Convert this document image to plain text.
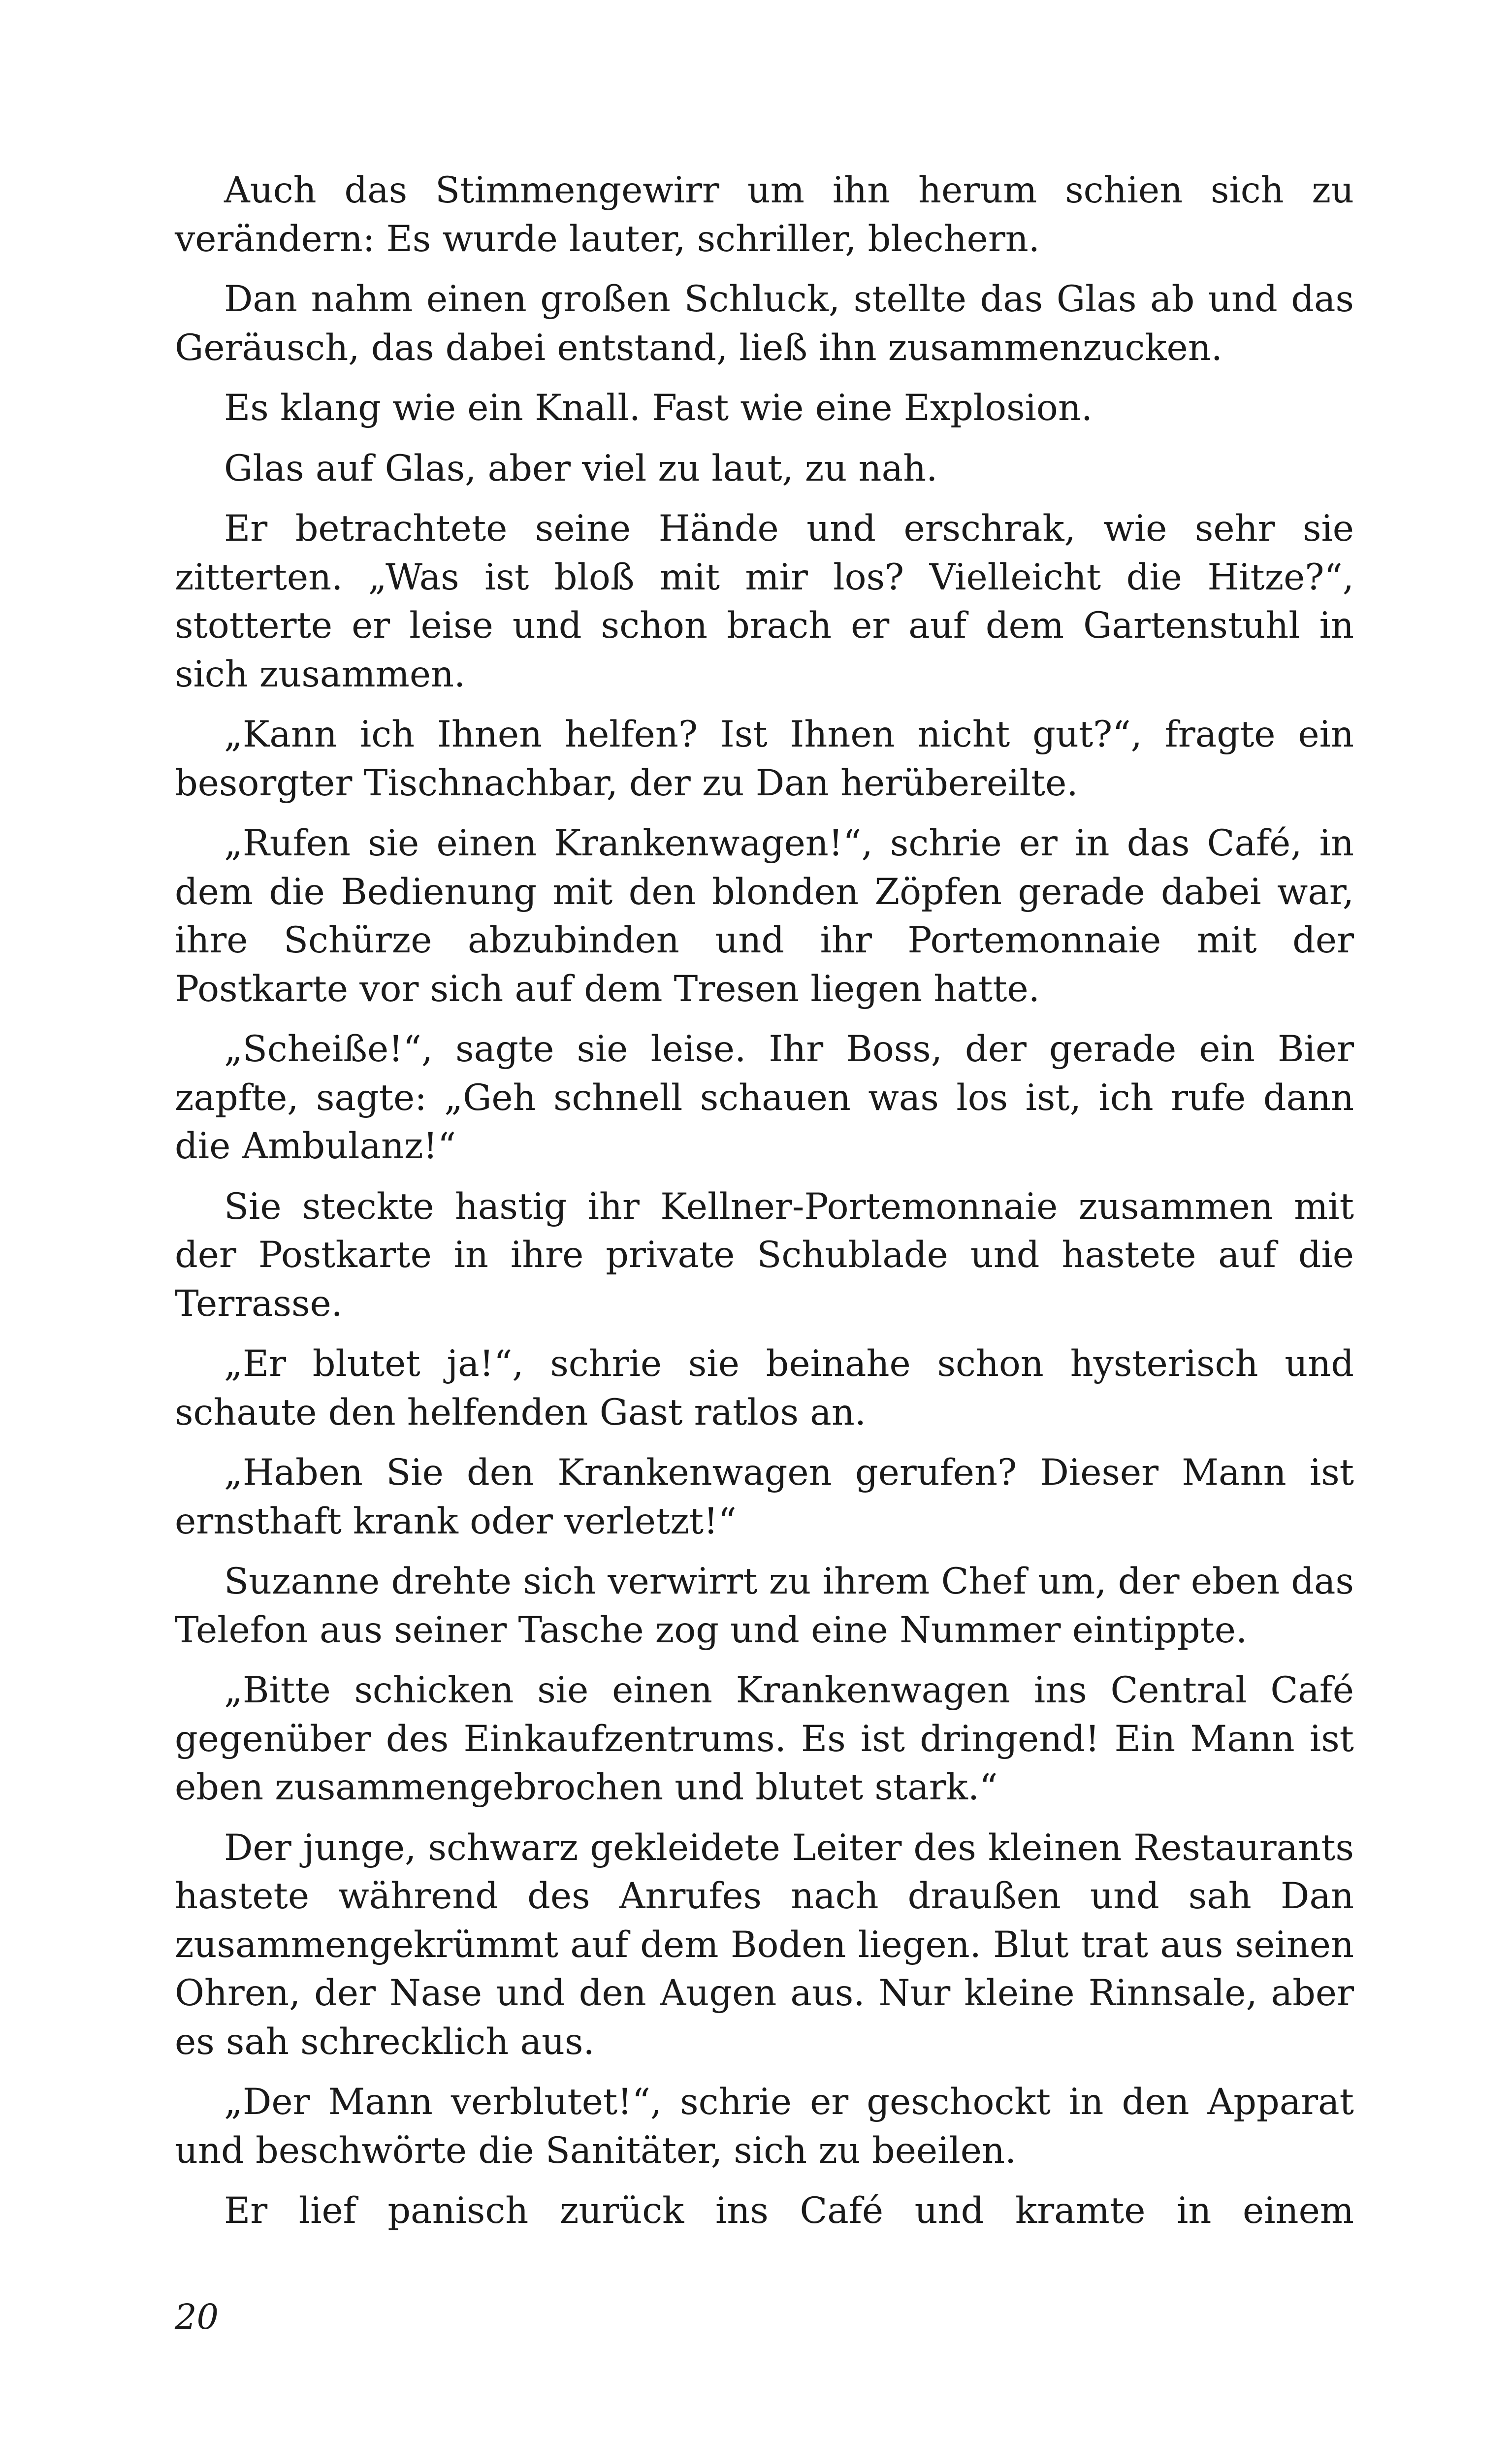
Auch das Stimmengewirr um ihn herum schien sich zu verändern: Es wurde lauter, schriller, blechern.

Dan nahm einen großen Schluck, stellte das Glas ab und das Geräusch, das dabei entstand, ließ ihn zusammenzucken.

Es klang wie ein Knall. Fast wie eine Explosion.

Glas auf Glas, aber viel zu laut, zu nah.

Er betrachtete seine Hände und erschrak, wie sehr sie zitterten. „Was ist bloß mit mir los? Vielleicht die Hitze?“, stotterte er leise und schon brach er auf dem Gartenstuhl in sich zusammen.

„Kann ich Ihnen helfen? Ist Ihnen nicht gut?“, fragte ein besorgter Tischnachbar, der zu Dan herübereilte.

„Rufen sie einen Krankenwagen!“, schrie er in das Café, in dem die Bedienung mit den blonden Zöpfen gerade dabei war, ihre Schürze abzubinden und ihr Portemonnaie mit der Postkarte vor sich auf dem Tresen liegen hatte.

„Scheiße!“, sagte sie leise. Ihr Boss, der gerade ein Bier zapfte, sagte: „Geh schnell schauen was los ist, ich rufe dann die Ambulanz!“

Sie steckte hastig ihr Kellner-Portemonnaie zusammen mit der Postkarte in ihre private Schublade und hastete auf die Terrasse.

„Er blutet ja!“, schrie sie beinahe schon hysterisch und schaute den helfenden Gast ratlos an.

„Haben Sie den Krankenwagen gerufen? Dieser Mann ist ernsthaft krank oder verletzt!“

Suzanne drehte sich verwirrt zu ihrem Chef um, der eben das Telefon aus seiner Tasche zog und eine Nummer eintippte.

„Bitte schicken sie einen Krankenwagen ins Central Café gegenüber des Einkaufzentrums. Es ist dringend! Ein Mann ist eben zusammengebrochen und blutet stark.“

Der junge, schwarz gekleidete Leiter des kleinen Restaurants hastete während des Anrufes nach draußen und sah Dan zusammengekrümmt auf dem Boden liegen. Blut trat aus seinen Ohren, der Nase und den Augen aus. Nur kleine Rinnsale, aber es sah schrecklich aus.

„Der Mann verblutet!“, schrie er geschockt in den Apparat und beschwörte die Sanitäter, sich zu beeilen.

Er lief panisch zurück ins Café und kramte in einem

20
